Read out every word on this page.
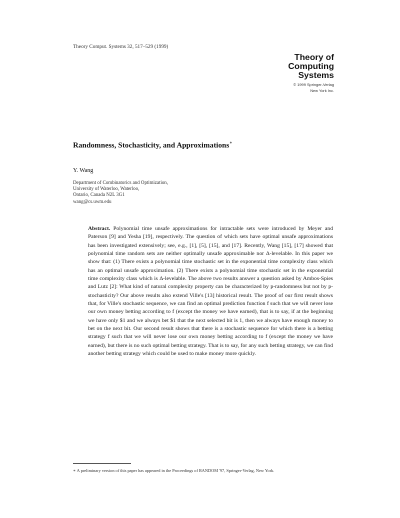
Theory Comput. Systems 32, 517–529 (1999)
Theory of
Computing
Systems
© 1999 Springer-Verlag
New York Inc.
Randomness, Stochasticity, and Approximations∗
Y. Wang
Department of Combinatorics and Optimization,
University of Waterloo, Waterloo,
Ontario, Canada N2L 3G1
wang@cs.uwm.edu
Abstract. Polynomial time unsafe approximations for intractable sets were introduced by Meyer and Paterson [9] and Yesha [19], respectively. The question of which sets have optimal unsafe approximations has been investigated extensively; see, e.g., [1], [5], [15], and [17]. Recently, Wang [15], [17] showed that polynomial time random sets are neither optimally unsafe approximable nor Δ-levelable. In this paper we show that: (1) There exists a polynomial time stochastic set in the exponential time complexity class which has an optimal unsafe approximation. (2) There exists a polynomial time stochastic set in the exponential time complexity class which is Δ-levelable. The above two results answer a question asked by Ambos-Spies and Lutz [2]: What kind of natural complexity property can be characterized by p-randomness but not by p-stochasticity? Our above results also extend Ville's [13] historical result. The proof of our first result shows that, for Ville's stochastic sequence, we can find an optimal prediction function f such that we will never lose our own money betting according to f (except the money we have earned), that is to say, if at the beginning we have only $1 and we always bet $1 that the next selected bit is 1, then we always have enough money to bet on the next bit. Our second result shows that there is a stochastic sequence for which there is a betting strategy f such that we will never lose our own money betting according to f (except the money we have earned), but there is no such optimal betting strategy. That is to say, for any such betting strategy, we can find another betting strategy which could be used to make money more quickly.
∗ A preliminary version of this paper has appeared in the Proceedings of RANDOM '97, Springer-Verlag, New York.
